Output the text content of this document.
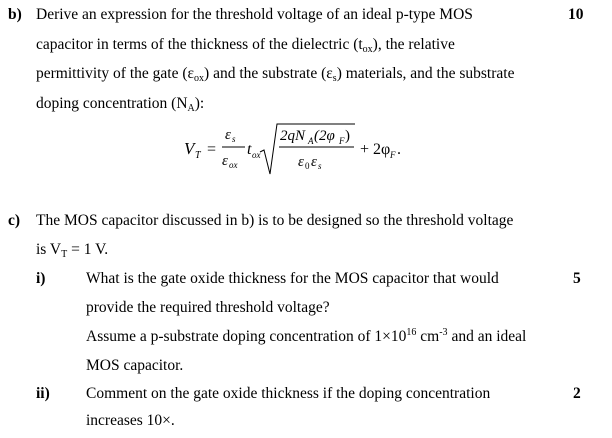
b)	10
Derive an expression for the threshold voltage of an ideal p-type MOS
capacitor in terms of the thickness of the dielectric (tox), the relative
permittivity of the gate (εox) and the substrate (εs) materials, and the substrate
doping concentration (NA):
V T =
ε s
ε ox
t ox
2qN A (2φ F )
ε 0 ε s
+ 2φ F .
c) The MOS capacitor discussed in b) is to be designed so the threshold voltage
is VT = 1 V.
i)	5
What is the gate oxide thickness for the MOS capacitor that would
provide the required threshold voltage?
Assume a p-substrate doping concentration of $1\times 10^{16}$ $cm^{-3}$ and an ideal
MOS capacitor.
ii)	2
Comment on the gate oxide thickness if the doping concentration
increases 10×.
